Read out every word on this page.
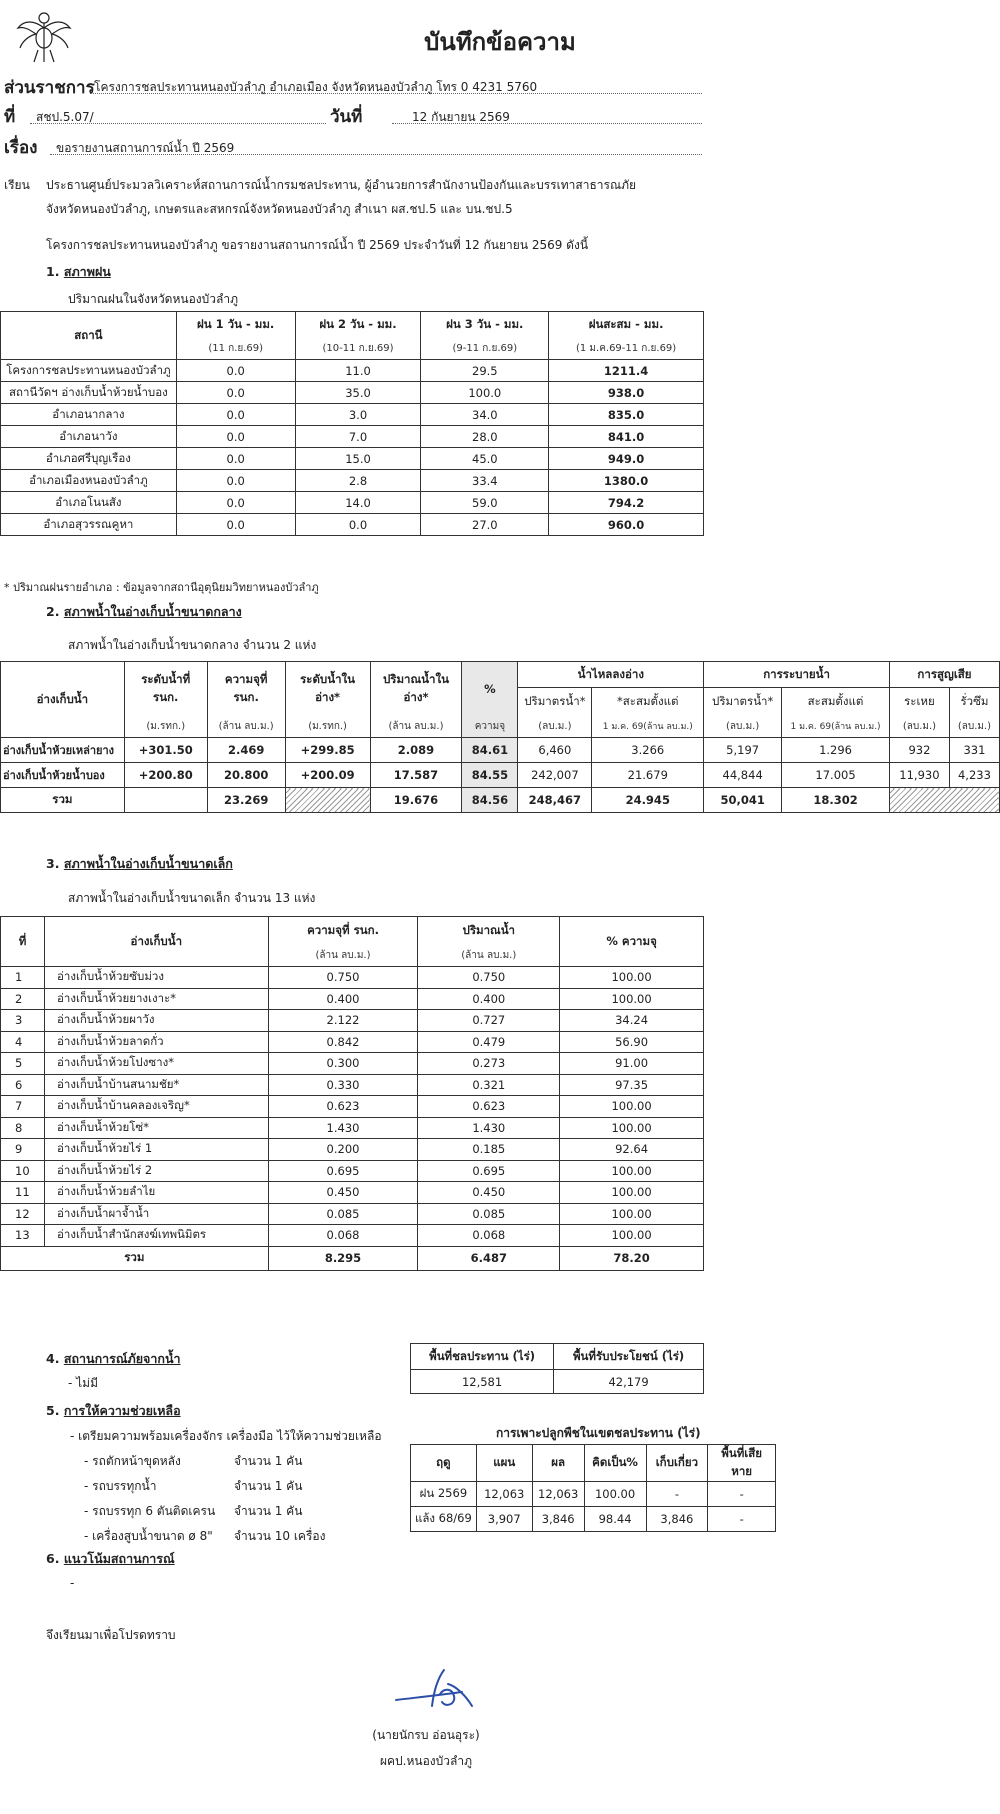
บันทึกข้อความ
ส่วนราชการ โครงการชลประทานหนองบัวลำภู อำเภอเมือง จังหวัดหนองบัวลำภู โทร 0 4231 5760
ที่	สชป.5.07/	วันที่	12 กันยายน 2569
เรื่อง	ขอรายงานสถานการณ์น้ำ ปี 2569
เรียน ประธานศูนย์ประมวลวิเคราะห์สถานการณ์น้ำกรมชลประทาน, ผู้อำนวยการสำนักงานป้องกันและบรรเทาสาธารณภัย
จังหวัดหนองบัวลำภู, เกษตรและสหกรณ์จังหวัดหนองบัวลำภู สำเนา ผส.ชป.5 และ บน.ชป.5
โครงการชลประทานหนองบัวลำภู ขอรายงานสถานการณ์น้ำ ปี 2569 ประจำวันที่ 12 กันยายน 2569 ดังนี้
1. สภาพฝน
ปริมาณฝนในจังหวัดหนองบัวลำภู
สถานี	ฝน 1 วัน - มม.	ฝน 2 วัน - มม.	ฝน 3 วัน - มม.	ฝนสะสม - มม.
	(11 ก.ย.69)	(10-11 ก.ย.69)	(9-11 ก.ย.69)	(1 ม.ค.69-11 ก.ย.69)
โครงการชลประทานหนองบัวลำภู	0.0	11.0	29.5	1211.4
สถานีวัดฯ อ่างเก็บน้ำห้วยน้ำบอง	0.0	35.0	100.0	938.0
อำเภอนากลาง	0.0	3.0	34.0	835.0
อำเภอนาวัง	0.0	7.0	28.0	841.0
อำเภอศรีบุญเรือง	0.0	15.0	45.0	949.0
อำเภอเมืองหนองบัวลำภู	0.0	2.8	33.4	1380.0
อำเภอโนนสัง	0.0	14.0	59.0	794.2
อำเภอสุวรรณคูหา	0.0	0.0	27.0	960.0
* ปริมาณฝนรายอำเภอ : ข้อมูลจากสถานีอุตุนิยมวิทยาหนองบัวลำภู
2. สภาพน้ำในอ่างเก็บน้ำขนาดกลาง
สภาพน้ำในอ่างเก็บน้ำขนาดกลาง จำนวน 2 แห่ง
อ่างเก็บน้ำ	ระดับน้ำที่ รนก.	ความจุที่ รนก.	ระดับน้ำในอ่าง*	ปริมาณน้ำในอ่าง*	%	น้ำไหลลงอ่าง		การระบายน้ำ		การสูญเสีย	
						ปริมาตรน้ำ*	*สะสมตั้งแต่	ปริมาตรน้ำ*	สะสมตั้งแต่	ระเหย	รั่วซึม
	(ม.รทก.)	(ล้าน ลบ.ม.)	(ม.รทก.)	(ล้าน ลบ.ม.)	ความจุ	(ลบ.ม.)	1 ม.ค. 69(ล้าน ลบ.ม.)	(ลบ.ม.)	1 ม.ค. 69(ล้าน ลบ.ม.)	(ลบ.ม.)	(ลบ.ม.)
อ่างเก็บน้ำห้วยเหล่ายาง	+301.50	2.469	+299.85	2.089	84.61	6,460	3.266	5,197	1.296	932	331
อ่างเก็บน้ำห้วยน้ำบอง	+200.80	20.800	+200.09	17.587	84.55	242,007	21.679	44,844	17.005	11,930	4,233
รวม		23.269		19.676	84.56	248,467	24.945	50,041	18.302		
3. สภาพน้ำในอ่างเก็บน้ำขนาดเล็ก
สภาพน้ำในอ่างเก็บน้ำขนาดเล็ก จำนวน 13 แห่ง
ที่	อ่างเก็บน้ำ	ความจุที่ รนก.	ปริมาณน้ำ	% ความจุ
		(ล้าน ลบ.ม.)	(ล้าน ลบ.ม.)	
1	อ่างเก็บน้ำห้วยซับม่วง	0.750	0.750	100.00
2	อ่างเก็บน้ำห้วยยางเงาะ*	0.400	0.400	100.00
3	อ่างเก็บน้ำห้วยผาวัง	2.122	0.727	34.24
4	อ่างเก็บน้ำห้วยลาดกั่ว	0.842	0.479	56.90
5	อ่างเก็บน้ำห้วยโปงซาง*	0.300	0.273	91.00
6	อ่างเก็บน้ำบ้านสนามชัย*	0.330	0.321	97.35
7	อ่างเก็บน้ำบ้านคลองเจริญ*	0.623	0.623	100.00
8	อ่างเก็บน้ำห้วยโซ่*	1.430	1.430	100.00
9	อ่างเก็บน้ำห้วยไร่ 1	0.200	0.185	92.64
10	อ่างเก็บน้ำห้วยไร่ 2	0.695	0.695	100.00
11	อ่างเก็บน้ำห้วยลำไย	0.450	0.450	100.00
12	อ่างเก็บน้ำผาจ้ำน้ำ	0.085	0.085	100.00
13	อ่างเก็บน้ำสำนักสงฆ์เทพนิมิตร	0.068	0.068	100.00
รวม		8.295	6.487	78.20
4. สถานการณ์ภัยจากน้ำ
- ไม่มี
พื้นที่ชลประทาน (ไร่)	พื้นที่รับประโยชน์ (ไร่)
12,581	42,179
5. การให้ความช่วยเหลือ
- เตรียมความพร้อมเครื่องจักร เครื่องมือ ไว้ให้ความช่วยเหลือ
- รถตักหน้าขุดหลัง	จำนวน 1 คัน
- รถบรรทุกน้ำ	จำนวน 1 คัน
- รถบรรทุก 6 ตันติดเครน จำนวน 1 คัน
- เครื่องสูบน้ำขนาด ø 8" จำนวน 10 เครื่อง
การเพาะปลูกพืชในเขตชลประทาน (ไร่)
ฤดู	แผน	ผล	คิดเป็น%	เก็บเกี่ยว	พื้นที่เสียหาย
ฝน 2569	12,063	12,063	100.00	-	-
แล้ง 68/69	3,907	3,846	98.44	3,846	-
6. แนวโน้มสถานการณ์
-
จึงเรียนมาเพื่อโปรดทราบ
(นายนักรบ อ่อนอุระ)
ผคป.หนองบัวลำภู
